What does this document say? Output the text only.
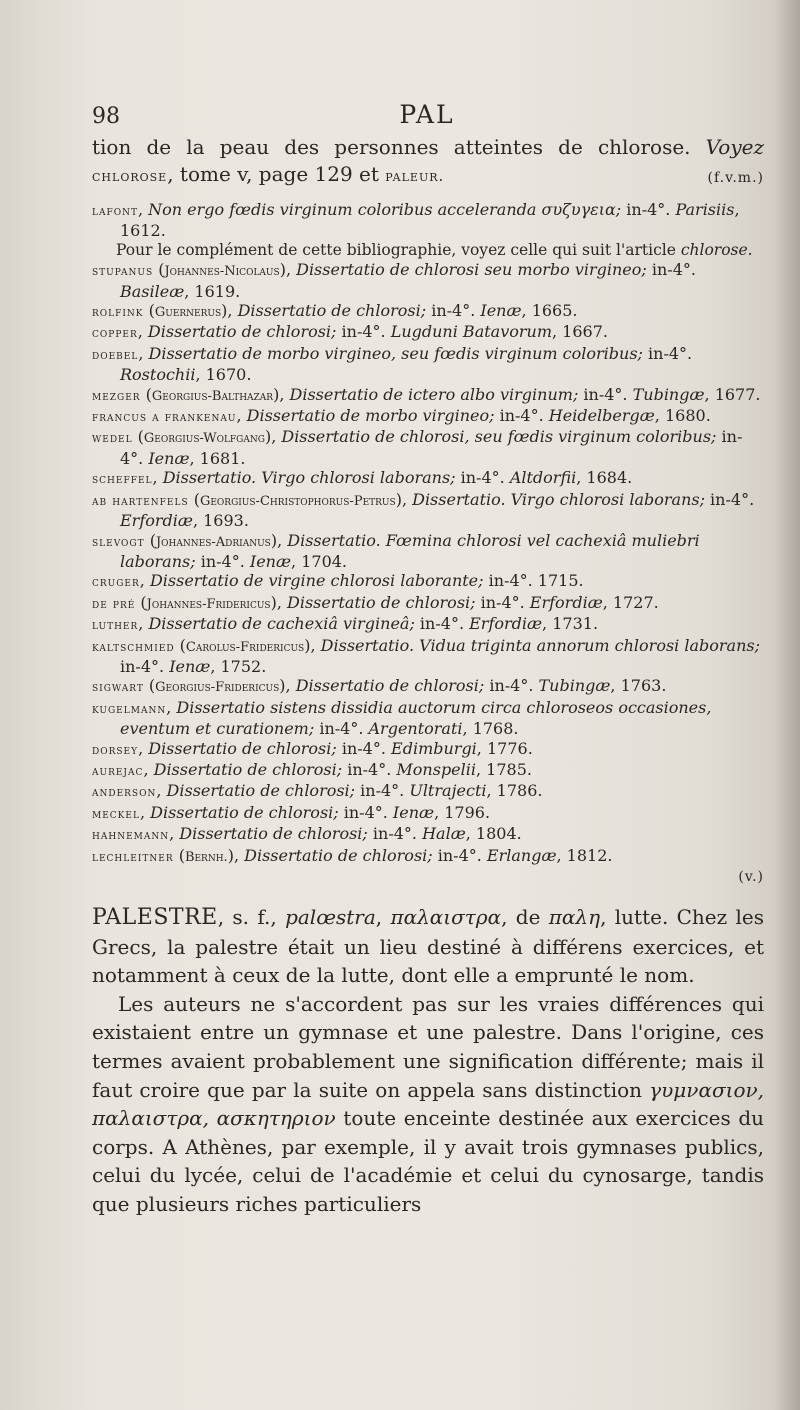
98	PAL

tion de la peau des personnes atteintes de chlorose. Voyez chlorose, tome v, page 129 et paleur.	(f.v.m.)

lafont, Non ergo fœdis virginum coloribus acceleranda συζυγεια; in-4°. Parisiis, 1612.
Pour le complément de cette bibliographie, voyez celle qui suit l'article chlorose.
stupanus (Johannes-Nicolaus), Dissertatio de chlorosi seu morbo virgineo; in-4°. Basileæ, 1619.
rolfink (Guernerus), Dissertatio de chlorosi; in-4°. Ienæ, 1665.
copper, Dissertatio de chlorosi; in-4°. Lugduni Batavorum, 1667.
doebel, Dissertatio de morbo virgineo, seu fœdis virginum coloribus; in-4°. Rostochii, 1670.
mezger (Georgius-Balthazar), Dissertatio de ictero albo virginum; in-4°. Tubingæ, 1677.
francus a frankenau, Dissertatio de morbo virgineo; in-4°. Heidelbergæ, 1680.
wedel (Georgius-Wolfgang), Dissertatio de chlorosi, seu fœdis virginum coloribus; in-4°. Ienæ, 1681.
scheffel, Dissertatio. Virgo chlorosi laborans; in-4°. Altdorfii, 1684.
ab hartenfels (Georgius-Christophorus-Petrus), Dissertatio. Virgo chlorosi laborans; in-4°. Erfordiæ, 1693.
slevogt (Johannes-Adrianus), Dissertatio. Fœmina chlorosi vel cachexiâ muliebri laborans; in-4°. Ienæ, 1704.
cruger, Dissertatio de virgine chlorosi laborante; in-4°. 1715.
de pré (Johannes-Fridericus), Dissertatio de chlorosi; in-4°. Erfordiæ, 1727.
luther, Dissertatio de cachexiâ virgineâ; in-4°. Erfordiæ, 1731.
kaltschmied (Carolus-Fridericus), Dissertatio. Vidua triginta annorum chlorosi laborans; in-4°. Ienæ, 1752.
sigwart (Georgius-Fridericus), Dissertatio de chlorosi; in-4°. Tubingæ, 1763.
kugelmann, Dissertatio sistens dissidia auctorum circa chloroseos occasiones, eventum et curationem; in-4°. Argentorati, 1768.
dorsey, Dissertatio de chlorosi; in-4°. Edimburgi, 1776.
aurejac, Dissertatio de chlorosi; in-4°. Monspelii, 1785.
anderson, Dissertatio de chlorosi; in-4°. Ultrajecti, 1786.
meckel, Dissertatio de chlorosi; in-4°. Ienæ, 1796.
hahnemann, Dissertatio de chlorosi; in-4°. Halæ, 1804.
lechleitner (Bernh.), Dissertatio de chlorosi; in-4°. Erlangæ, 1812.
(v.)

PALESTRE, s. f., palœstra, παλαιστρα, de παλη, lutte. Chez les Grecs, la palestre était un lieu destiné à différens exercices, et notamment à ceux de la lutte, dont elle a emprunté le nom.

Les auteurs ne s'accordent pas sur les vraies différences qui existaient entre un gymnase et une palestre. Dans l'origine, ces termes avaient probablement une signification différente; mais il faut croire que par la suite on appela sans distinction γυμνασιον, παλαιστρα, ασκητηριον toute enceinte destinée aux exercices du corps. A Athènes, par exemple, il y avait trois gymnases publics, celui du lycée, celui de l'académie et celui du cynosarge, tandis que plusieurs riches particuliers
